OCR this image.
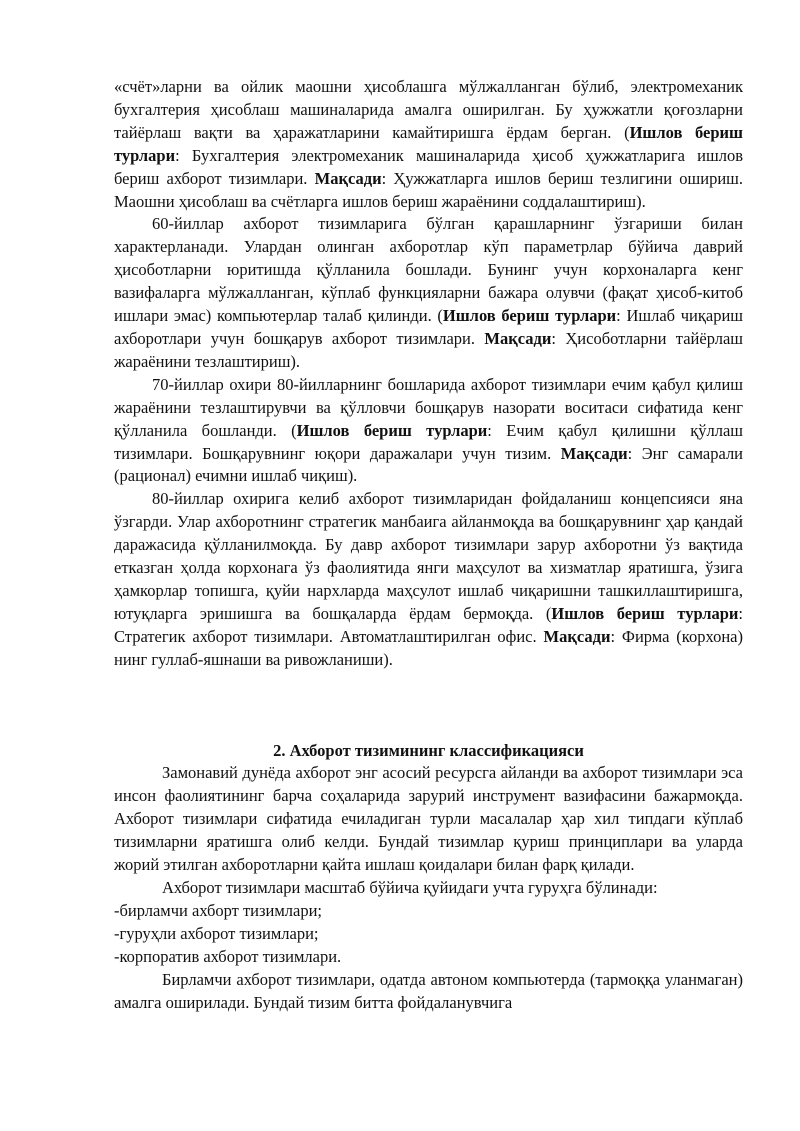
«счёт»ларни ва ойлик маошни ҳисоблашга мўлжалланган бўлиб, электромеханик бухгалтерия ҳисоблаш машиналарида амалга оширилган. Бу ҳужжатли қоғозларни тайёрлаш вақти ва ҳаражатларини камайтиришга ёрдам берган. (Ишлов бериш турлари: Бухгалтерия электромеханик машиналарида ҳисоб ҳужжатларига ишлов бериш ахборот тизимлари. Мақсади: Ҳужжатларга ишлов бериш тезлигини ошириш. Маошни ҳисоблаш ва счётларга ишлов бериш жараёнини соддалаштириш).

60-йиллар ахборот тизимларига бўлган қарашларнинг ўзгариши билан характерланади. Улардан олинган ахборотлар кўп параметрлар бўйича даврий ҳисоботларни юритишда қўлланила бошлади. Бунинг учун корхоналарга кенг вазифаларга мўлжалланган, кўплаб функцияларни бажара олувчи (фақат ҳисоб-китоб ишлари эмас) компьютерлар талаб қилинди. (Ишлов бериш турлари: Ишлаб чиқариш ахборотлари учун бошқарув ахборот тизимлари. Мақсади: Ҳисоботларни тайёрлаш жараёнини тезлаштириш).

70-йиллар охири 80-йилларнинг бошларида ахборот тизимлари ечим қабул қилиш жараёнини тезлаштирувчи ва қўлловчи бошқарув назорати воситаси сифатида кенг қўлланила бошланди. (Ишлов бериш турлари: Ечим қабул қилишни қўллаш тизимлари. Бошқарувнинг юқори даражалари учун тизим. Мақсади: Энг самарали (рационал) ечимни ишлаб чиқиш).

80-йиллар охирига келиб ахборот тизимларидан фойдаланиш концепсияси яна ўзгарди. Улар ахборотнинг стратегик манбаига айланмоқда ва бошқарувнинг ҳар қандай даражасида қўлланилмоқда. Бу давр ахборот тизимлари зарур ахборотни ўз вақтида етказган ҳолда корхонага ўз фаолиятида янги маҳсулот ва хизматлар яратишга, ўзига ҳамкорлар топишга, қуйи нархларда маҳсулот ишлаб чиқаришни ташкиллаштиришга, ютуқларга эришишга ва бошқаларда ёрдам бермоқда. (Ишлов бериш турлари: Стратегик ахборот тизимлари. Автоматлаштирилган офис. Мақсади: Фирма (корхона) нинг гуллаб-яшнаши ва ривожланиши).

2. Ахборот тизимининг классификацияси

Замонавий дунёда ахборот энг асосий ресурсга айланди ва ахборот тизимлари эса инсон фаолиятининг барча соҳаларида зарурий инструмент вазифасини бажармоқда. Ахборот тизимлари сифатида ечиладиган турли масалалар ҳар хил типдаги кўплаб тизимларни яратишга олиб келди. Бундай тизимлар қуриш принциплари ва уларда жорий этилган ахборотларни қайта ишлаш қоидалари билан фарқ қилади.

Ахборот тизимлари масштаб бўйича қуйидаги учта гуруҳга бўлинади:

-бирламчи ахборт тизимлари;

-гуруҳли ахборот тизимлари;

-корпоратив ахборот тизимлари.

Бирламчи ахборот тизимлари, одатда автоном компьютерда (тармоққа уланмаган) амалга оширилади. Бундай тизим битта фойдаланувчига
